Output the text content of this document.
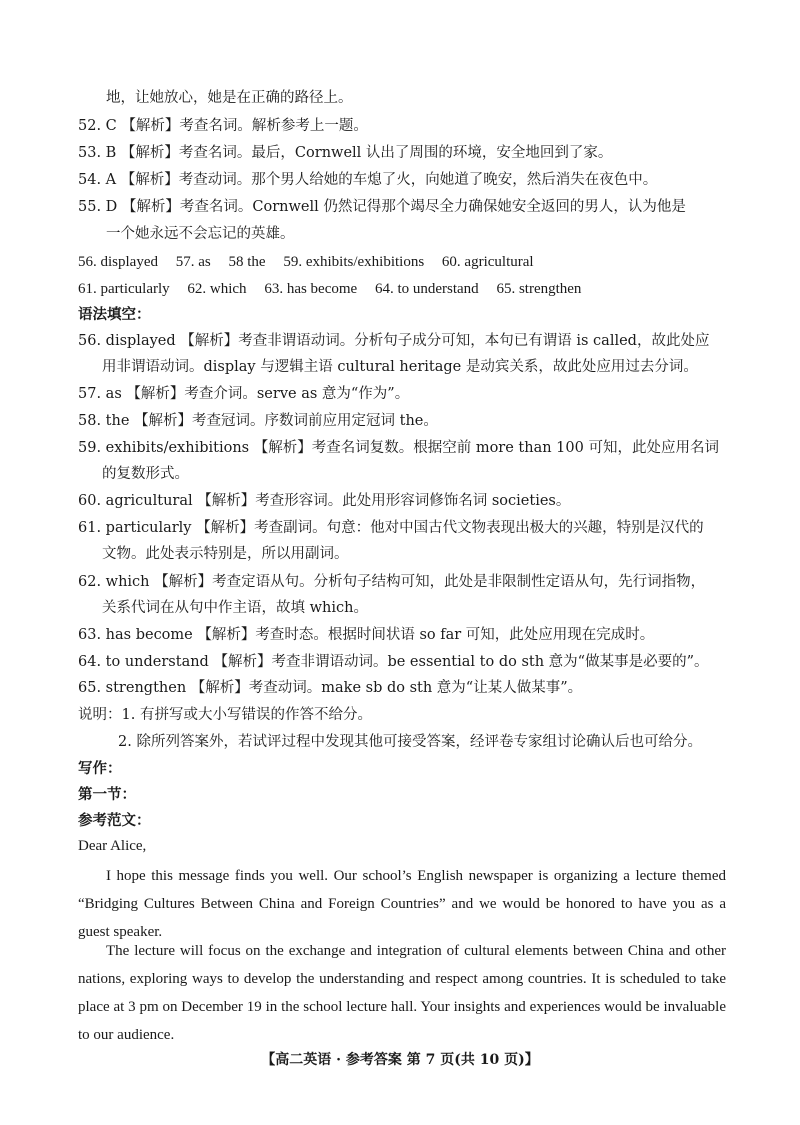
地，让她放心，她是在正确的路径上。
52. C 【解析】考查名词。解析参考上一题。
53. B 【解析】考查名词。最后，Cornwell 认出了周围的环境，安全地回到了家。
54. A 【解析】考查动词。那个男人给她的车熄了火，向她道了晚安，然后消失在夜色中。
55. D 【解析】考查名词。Cornwell 仍然记得那个竭尽全力确保她安全返回的男人，认为他是
一个她永远不会忘记的英雄。
56. displayed 57. as 58 the 59. exhibits/exhibitions 60. agricultural
61. particularly 62. which 63. has become 64. to understand 65. strengthen
语法填空：
56. displayed 【解析】考查非谓语动词。分析句子成分可知，本句已有谓语 is called，故此处应
用非谓语动词。display 与逻辑主语 cultural heritage 是动宾关系，故此处应用过去分词。
57. as 【解析】考查介词。serve as 意为“作为”。
58. the 【解析】考查冠词。序数词前应用定冠词 the。
59. exhibits/exhibitions 【解析】考查名词复数。根据空前 more than 100 可知，此处应用名词
的复数形式。
60. agricultural 【解析】考查形容词。此处用形容词修饰名词 societies。
61. particularly 【解析】考查副词。句意：他对中国古代文物表现出极大的兴趣，特别是汉代的
文物。此处表示特别是，所以用副词。
62. which 【解析】考查定语从句。分析句子结构可知，此处是非限制性定语从句，先行词指物，
关系代词在从句中作主语，故填 which。
63. has become 【解析】考查时态。根据时间状语 so far 可知，此处应用现在完成时。
64. to understand 【解析】考查非谓语动词。be essential to do sth 意为“做某事是必要的”。
65. strengthen 【解析】考查动词。make sb do sth 意为“让某人做某事”。
说明：1. 有拼写或大小写错误的作答不给分。
2. 除所列答案外，若试评过程中发现其他可接受答案，经评卷专家组讨论确认后也可给分。
写作：
第一节：
参考范文：
Dear Alice,
I hope this message finds you well. Our school’s English newspaper is organizing a lecture themed “Bridging Cultures Between China and Foreign Countries” and we would be honored to have you as a guest speaker.
The lecture will focus on the exchange and integration of cultural elements between China and other nations, exploring ways to develop the understanding and respect among countries. It is scheduled to take place at 3 pm on December 19 in the school lecture hall. Your insights and experiences would be invaluable to our audience.
【高二英语 · 参考答案 第 7 页(共 10 页)】
